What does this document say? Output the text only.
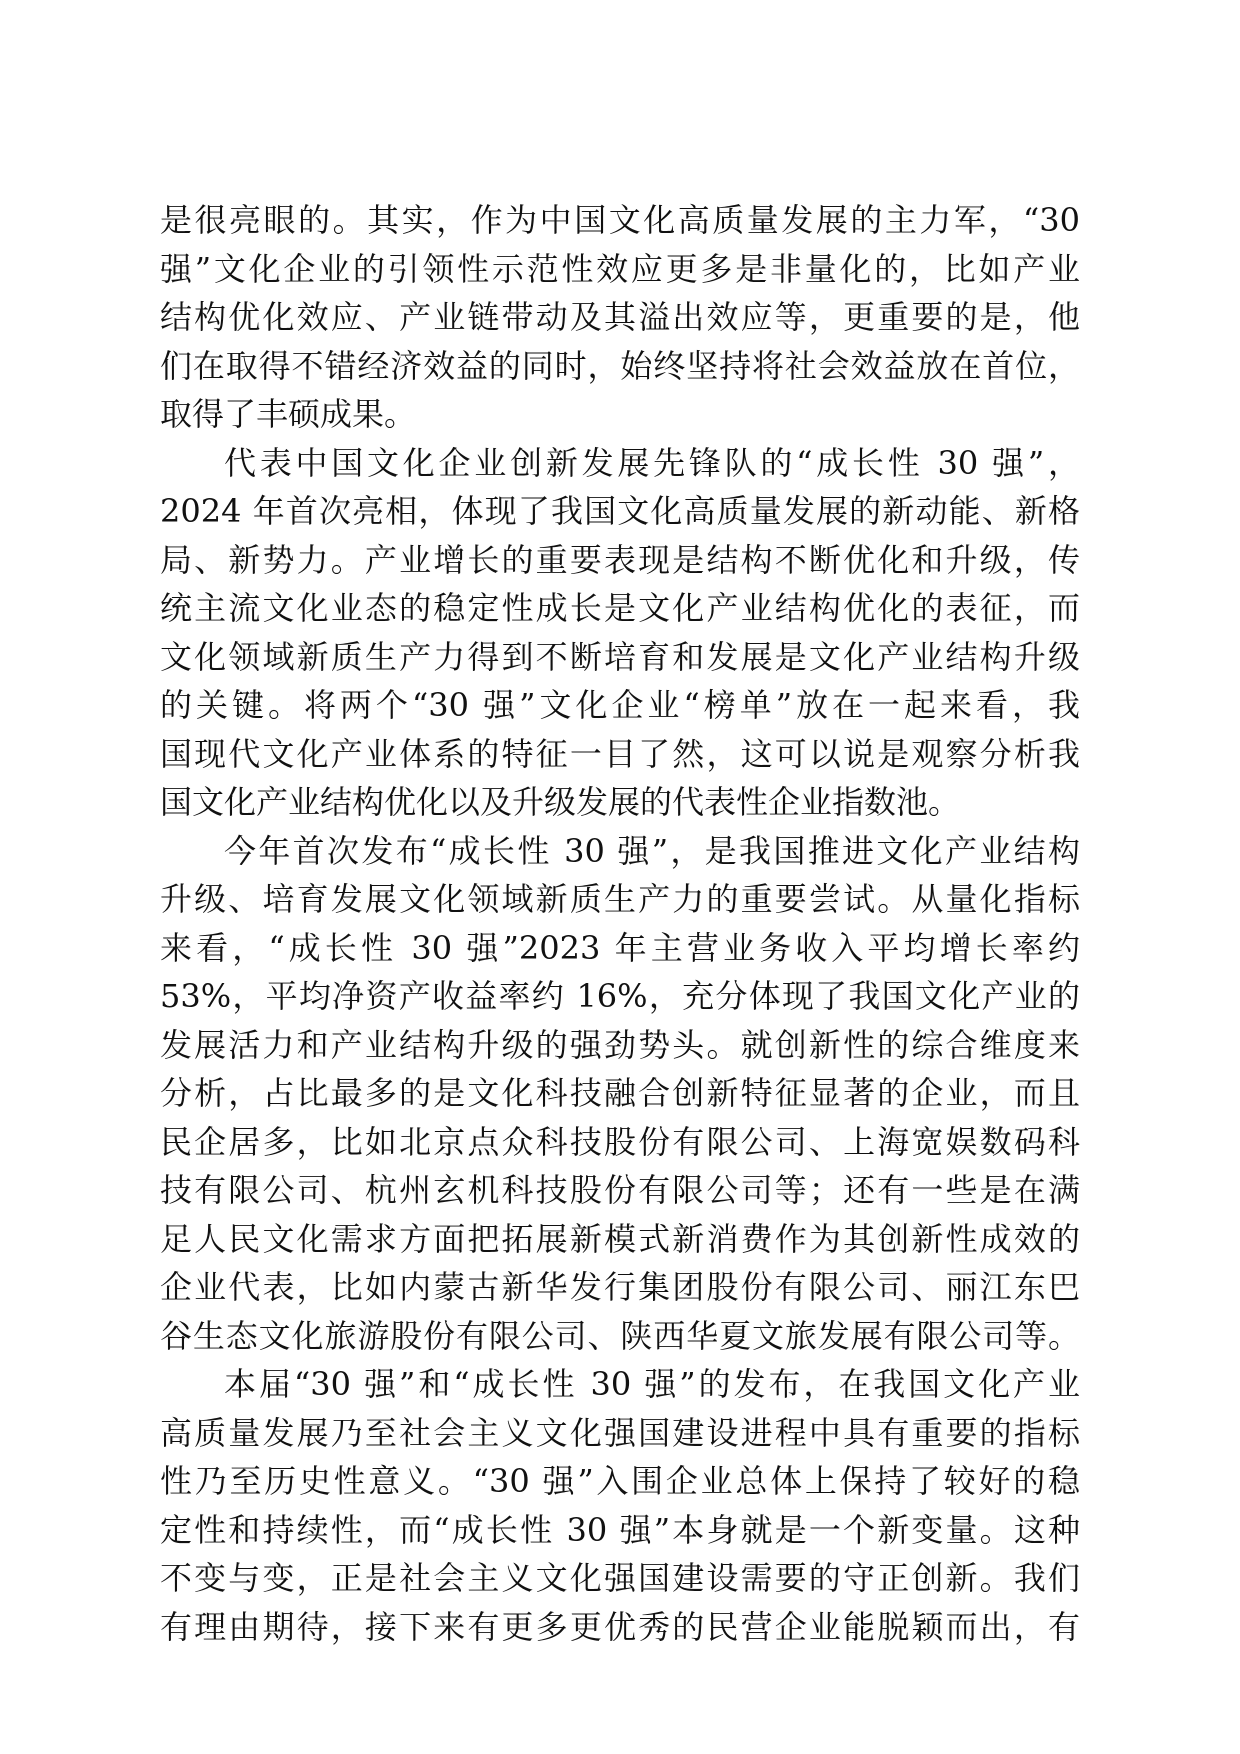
是很亮眼的。其实，作为中国文化高质量发展的主力军，“30
强”文化企业的引领性示范性效应更多是非量化的，比如产业
结构优化效应、产业链带动及其溢出效应等，更重要的是，他
们在取得不错经济效益的同时，始终坚持将社会效益放在首位，
取得了丰硕成果。

代表中国文化企业创新发展先锋队的“成长性 30 强”，
2024 年首次亮相，体现了我国文化高质量发展的新动能、新格
局、新势力。产业增长的重要表现是结构不断优化和升级，传
统主流文化业态的稳定性成长是文化产业结构优化的表征，而
文化领域新质生产力得到不断培育和发展是文化产业结构升级
的关键。将两个“30 强”文化企业“榜单”放在一起来看，我
国现代文化产业体系的特征一目了然，这可以说是观察分析我
国文化产业结构优化以及升级发展的代表性企业指数池。

今年首次发布“成长性 30 强”，是我国推进文化产业结构
升级、培育发展文化领域新质生产力的重要尝试。从量化指标
来看，“成长性 30 强”2023 年主营业务收入平均增长率约
53%，平均净资产收益率约 16%，充分体现了我国文化产业的
发展活力和产业结构升级的强劲势头。就创新性的综合维度来
分析，占比最多的是文化科技融合创新特征显著的企业，而且
民企居多，比如北京点众科技股份有限公司、上海宽娱数码科
技有限公司、杭州玄机科技股份有限公司等；还有一些是在满
足人民文化需求方面把拓展新模式新消费作为其创新性成效的
企业代表，比如内蒙古新华发行集团股份有限公司、丽江东巴
谷生态文化旅游股份有限公司、陕西华夏文旅发展有限公司等。

本届“30 强”和“成长性 30 强”的发布，在我国文化产业
高质量发展乃至社会主义文化强国建设进程中具有重要的指标
性乃至历史性意义。“30 强”入围企业总体上保持了较好的稳
定性和持续性，而“成长性 30 强”本身就是一个新变量。这种
不变与变，正是社会主义文化强国建设需要的守正创新。我们
有理由期待，接下来有更多更优秀的民营企业能脱颖而出，有
